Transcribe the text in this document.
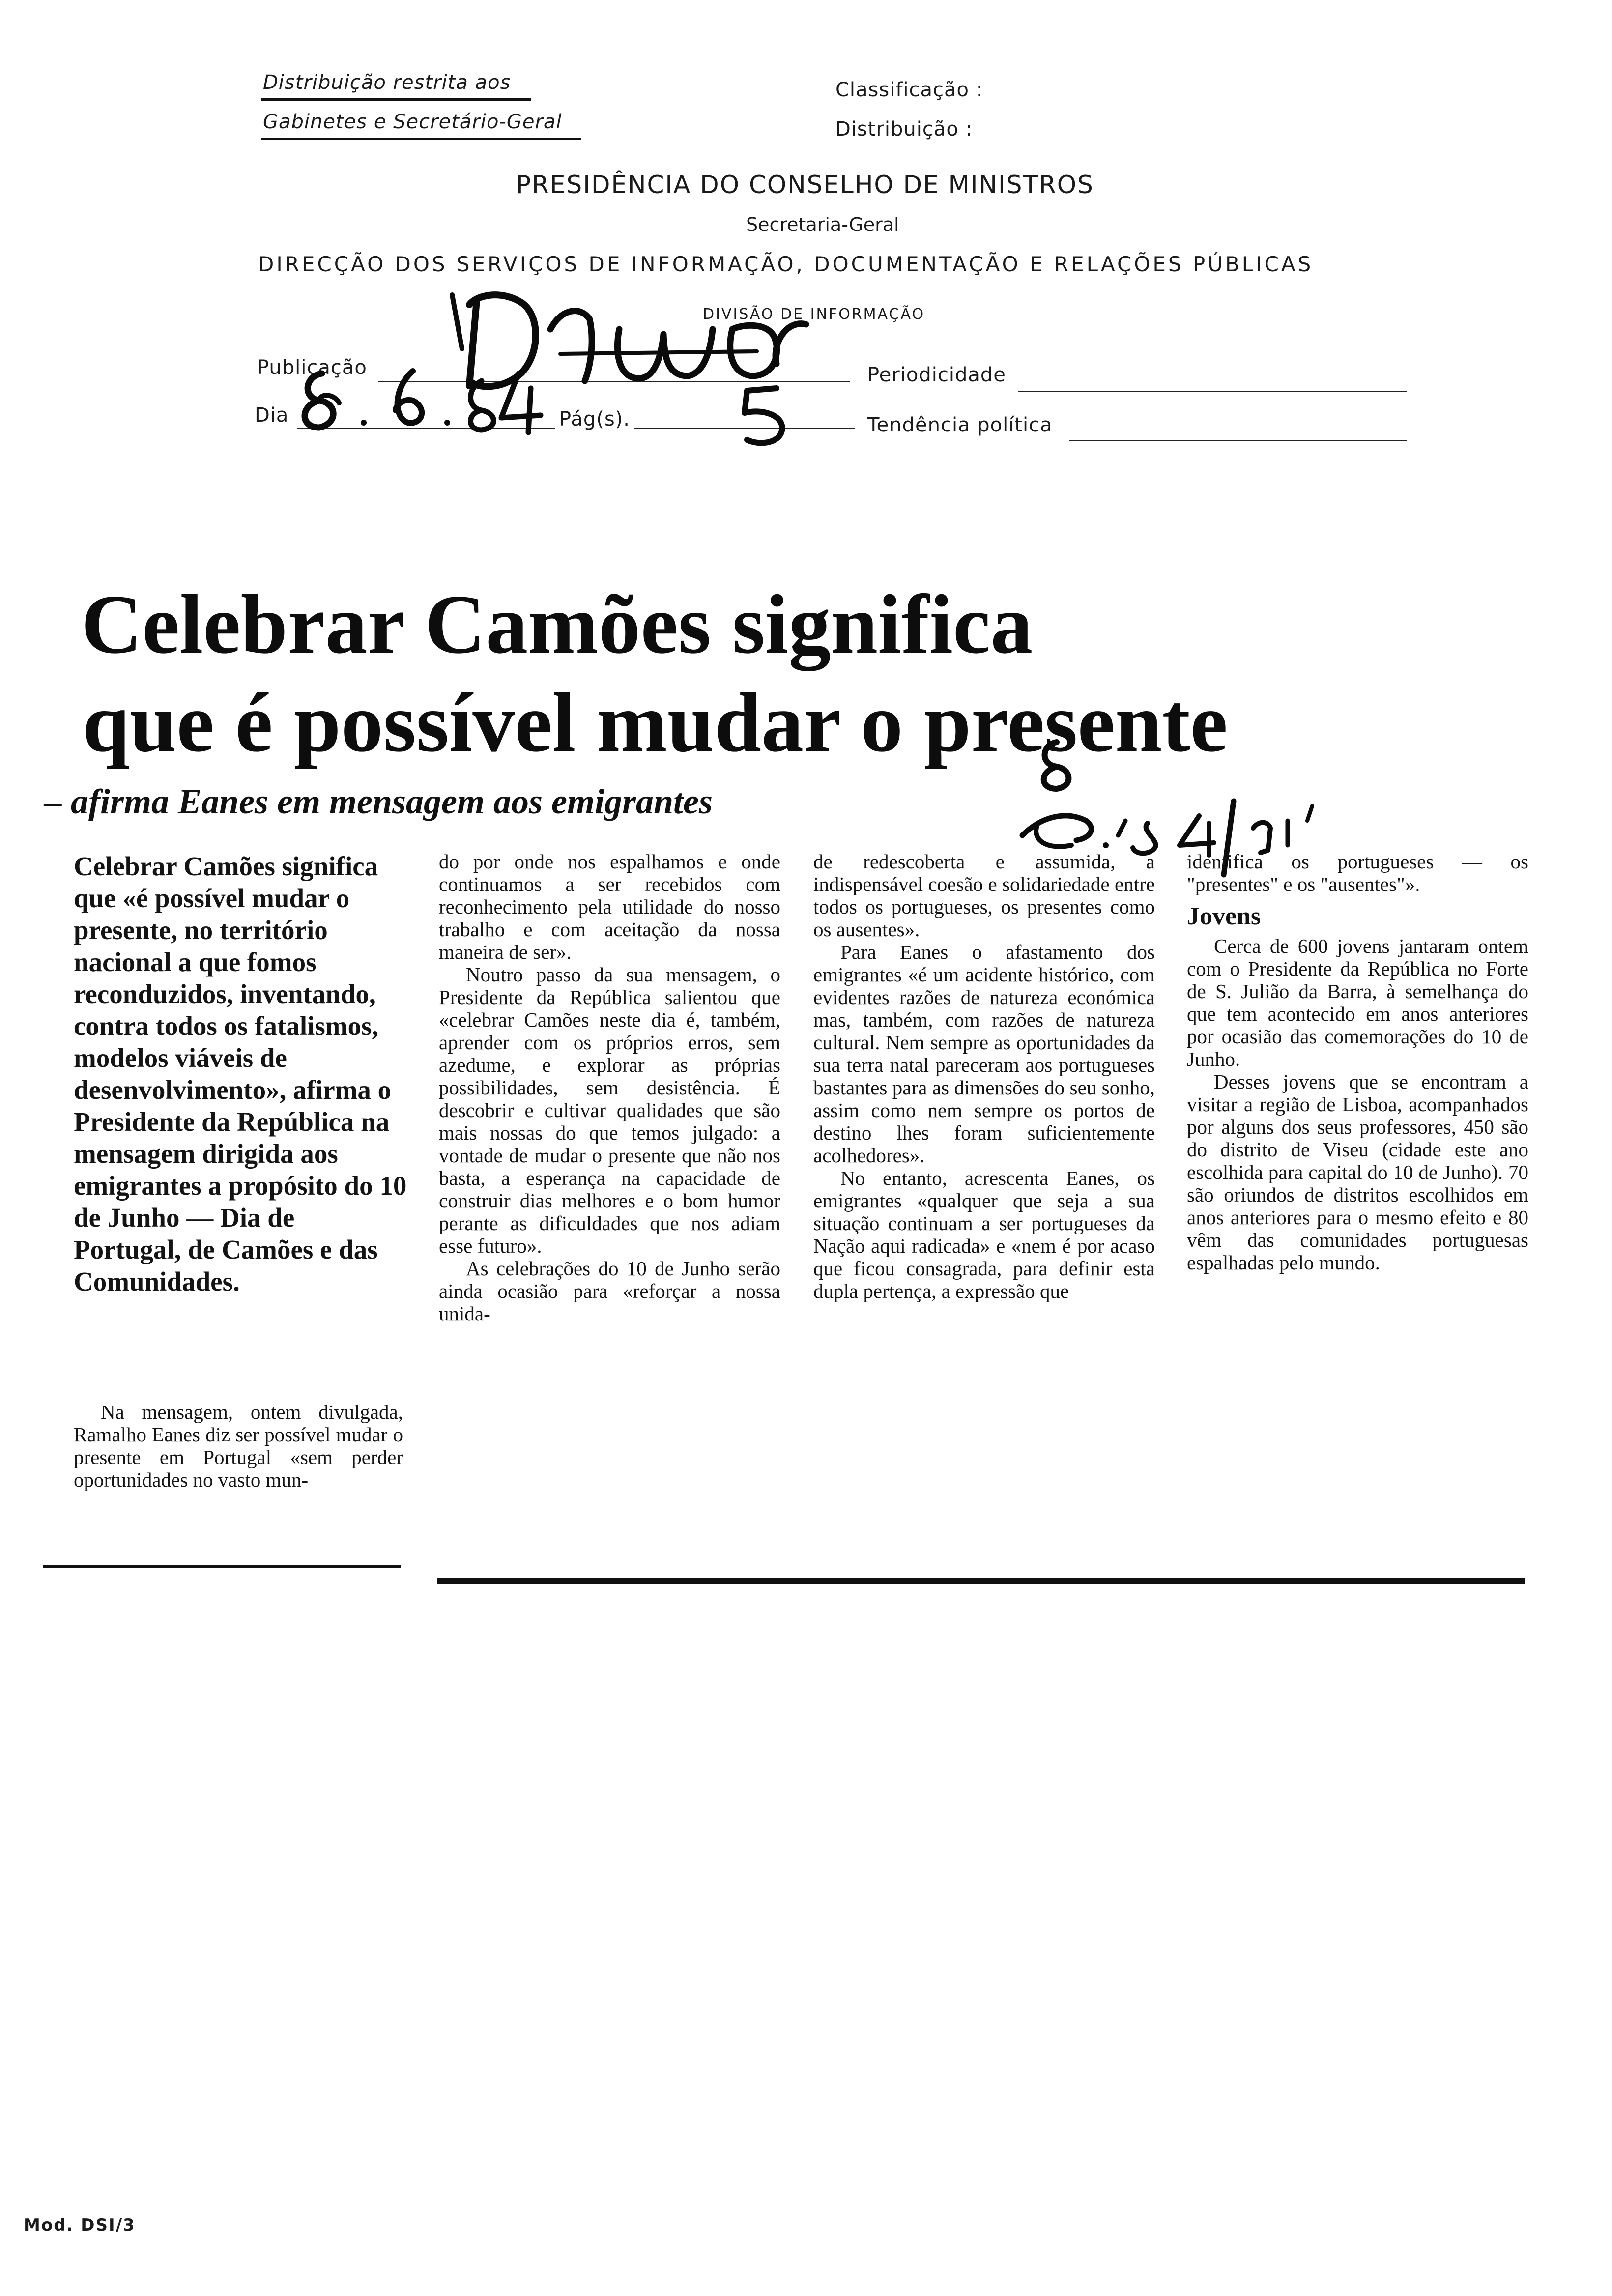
Distribuição restrita aos
Gabinetes e Secretário-Geral
Classificação :
Distribuição :
PRESIDÊNCIA DO CONSELHO DE MINISTROS
Secretaria-Geral
DIRECÇÃO DOS SERVIÇOS DE INFORMAÇÃO, DOCUMENTAÇÃO E RELAÇÕES PÚBLICAS
DIVISÃO DE INFORMAÇÃO
Publicação
Dia	Pág(s).
Periodicidade
Tendência política
Celebrar Camões significa
que é possível mudar o presente
– afirma Eanes em mensagem aos emigrantes
Celebrar Camões significa que «é possível mudar o presente, no território nacional a que fomos reconduzidos, inventando, contra todos os fatalismos, modelos viáveis de desenvolvimento», afirma o Presidente da República na mensagem dirigida aos emigrantes a propósito do 10 de Junho — Dia de Portugal, de Camões e das Comunidades.

Na mensagem, ontem divulgada, Ramalho Eanes diz ser possível mudar o presente em Portugal «sem perder oportunidades no vasto mun-

do por onde nos espalhamos e onde continuamos a ser recebidos com reconhecimento pela utilidade do nosso trabalho e com aceitação da nossa maneira de ser».

Noutro passo da sua mensagem, o Presidente da República salientou que «celebrar Camões neste dia é, também, aprender com os próprios erros, sem azedume, e explorar as próprias possibilidades, sem desistência. É descobrir e cultivar qualidades que são mais nossas do que temos julgado: a vontade de mudar o presente que não nos basta, a esperança na capacidade de construir dias melhores e o bom humor perante as dificuldades que nos adiam esse futuro».

As celebrações do 10 de Junho serão ainda ocasião para «reforçar a nossa unida-

de redescoberta e assumida, a indispensável coesão e solidariedade entre todos os portugueses, os presentes como os ausentes».

Para Eanes o afastamento dos emigrantes «é um acidente histórico, com evidentes razões de natureza económica mas, também, com razões de natureza cultural. Nem sempre as oportunidades da sua terra natal pareceram aos portugueses bastantes para as dimensões do seu sonho, assim como nem sempre os portos de destino lhes foram suficientemente acolhedores».

No entanto, acrescenta Eanes, os emigrantes «qualquer que seja a sua situação continuam a ser portugueses da Nação aqui radicada» e «nem é por acaso que ficou consagrada, para definir esta dupla pertença, a expressão que

identifica os portugueses — os "presentes" e os "ausentes"».

Jovens

Cerca de 600 jovens jantaram ontem com o Presidente da República no Forte de S. Julião da Barra, à semelhança do que tem acontecido em anos anteriores por ocasião das comemorações do 10 de Junho.

Desses jovens que se encontram a visitar a região de Lisboa, acompanhados por alguns dos seus professores, 450 são do distrito de Viseu (cidade este ano escolhida para capital do 10 de Junho). 70 são oriundos de distritos escolhidos em anos anteriores para o mesmo efeito e 80 vêm das comunidades portuguesas espalhadas pelo mundo.

Mod. DSI/3
